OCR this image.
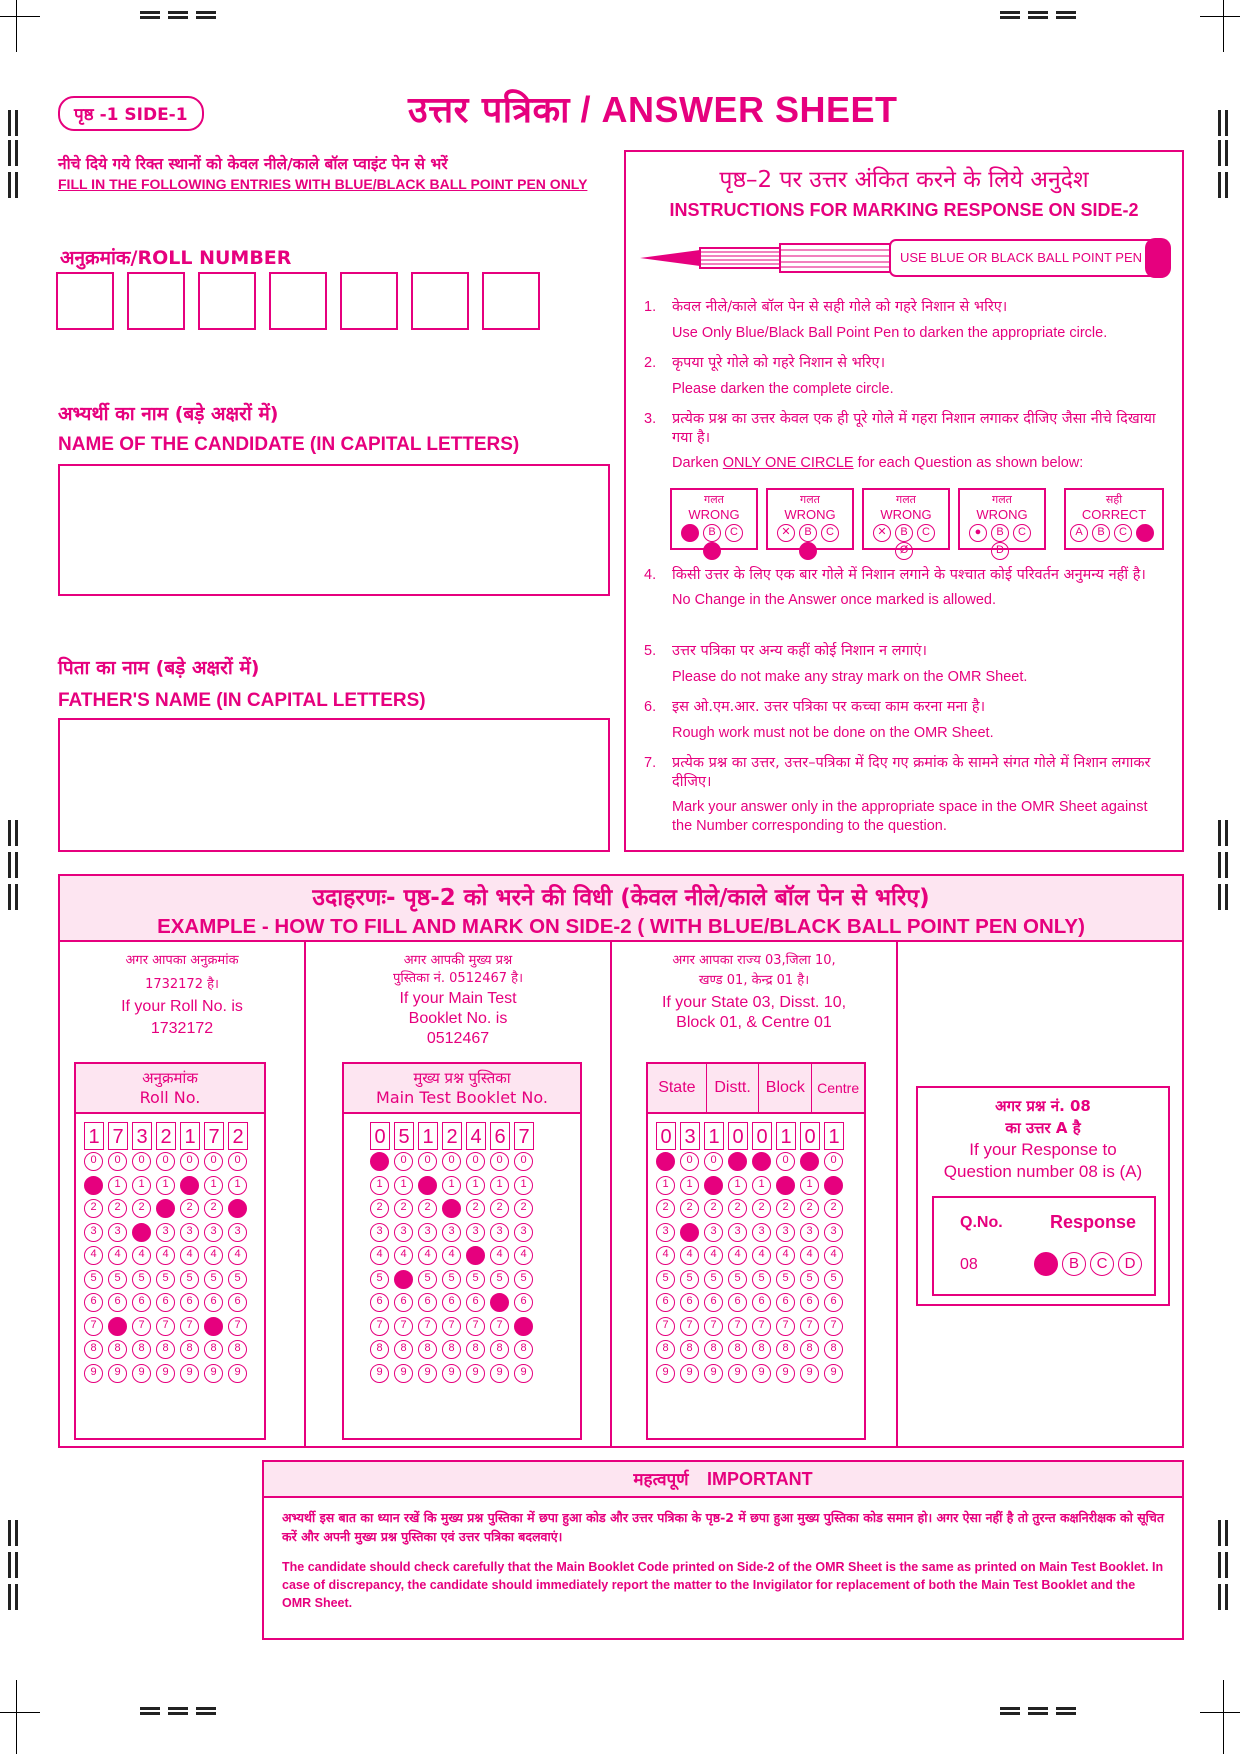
पृष्ठ -1 SIDE-1	उत्तर पत्रिका / ANSWER SHEET
नीचे दिये गये रिक्त स्थानों को केवल नीले/काले बॉल प्वाइंट पेन से भरें
FILL IN THE FOLLOWING ENTRIES WITH BLUE/BLACK BALL POINT PEN ONLY
अनुक्रमांक/ROLL NUMBER
अभ्यर्थी का नाम (बड़े अक्षरों में)
NAME OF THE CANDIDATE (IN CAPITAL LETTERS)
पिता का नाम (बड़े अक्षरों में)
FATHER'S NAME (IN CAPITAL LETTERS)
पृष्ठ–2 पर उत्तर अंकित करने के लिये अनुदेश
INSTRUCTIONS FOR MARKING RESPONSE ON SIDE-2
USE BLUE OR BLACK BALL POINT PEN
1. केवल नीले/काले बॉल पेन से सही गोले को गहरे निशान से भरिए।
Use Only Blue/Black Ball Point Pen to darken the appropriate circle.
2. कृपया पूरे गोले को गहरे निशान से भरिए।
Please darken the complete circle.
3. प्रत्येक प्रश्न का उत्तर केवल एक ही पूरे गोले में गहरा निशान लगाकर दीजिए जैसा नीचे दिखाया गया है।
Darken ONLY ONE CIRCLE for each Question as shown below:
गलत
WRONG
B C
गलत
WRONG
✕ B C
गलत
WRONG
✕ B CØ
गलत
WRONG
● B CD
सही
CORRECT
A B C
4. किसी उत्तर के लिए एक बार गोले में निशान लगाने के पश्चात कोई परिवर्तन अनुमन्य नहीं है।
No Change in the Answer once marked is allowed.
5. उत्तर पत्रिका पर अन्य कहीं कोई निशान न लगाएं।
Please do not make any stray mark on the OMR Sheet.
6. इस ओ.एम.आर. उत्तर पत्रिका पर कच्चा काम करना मना है।
Rough work must not be done on the OMR Sheet.
7. प्रत्येक प्रश्न का उत्तर, उत्तर–पत्रिका में दिए गए क्रमांक के सामने संगत गोले में निशान लगाकर दीजिए।
Mark your answer only in the appropriate space in the OMR Sheet against the Number corresponding to the question.
उदाहरणः- पृष्ठ-2 को भरने की विधी (केवल नीले/काले बॉल पेन से भरिए)
EXAMPLE - HOW TO FILL AND MARK ON SIDE-2 ( WITH BLUE/BLACK BALL POINT PEN ONLY)
अगर आपका अनुक्रमांक
1732172 है।
If your Roll No. is
1732172
अनुक्रमांक
Roll No.
1 7 3 2 1 7 2
0 0 0 0 0 0 0
1 1 1 1 1 1 1
2 2 2 2 2 2 2
3 3 3 3 3 3 3
4 4 4 4 4 4 4
5 5 5 5 5 5 5
6 6 6 6 6 6 6
7 7 7 7 7 7 7
8 8 8 8 8 8 8
9 9 9 9 9 9 9
अगर आपकी मुख्य प्रश्न
पुस्तिका नं. 0512467 है।
If your Main Test
Booklet No. is
0512467
मुख्य प्रश्न पुस्तिका
Main Test Booklet No.
0 5 1 2 4 6 7
0 0 0 0 0 0 0
1 1 1 1 1 1 1
2 2 2 2 2 2 2
3 3 3 3 3 3 3
4 4 4 4 4 4 4
5 5 5 5 5 5 5
6 6 6 6 6 6 6
7 7 7 7 7 7 7
8 8 8 8 8 8 8
9 9 9 9 9 9 9
अगर आपका राज्य 03,जिला 10,
खण्ड 01, केन्द्र 01 है।
If your State 03, Disst. 10,
Block 01, & Centre 01
State	Distt. Block Centre
0 3 1 0 0 1 0 1
0 0 0 0 0 0 0 0
1 1 1 1 1 1 1 1
2 2 2 2 2 2 2 2
3 3 3 3 3 3 3 3
4 4 4 4 4 4 4 4
5 5 5 5 5 5 5 5
6 6 6 6 6 6 6 6
7 7 7 7 7 7 7 7
8 8 8 8 8 8 8 8
9 9 9 9 9 9 9 9
अगर प्रश्न नं. 08
का उत्तर A है
If your Response to
Question number 08 is (A)
Q.No.	Response
08	A B C D
महत्वपूर्ण IMPORTANT
अभ्यर्थी इस बात का ध्यान रखें कि मुख्य प्रश्न पुस्तिका में छपा हुआ कोड और उत्तर पत्रिका के पृष्ठ-2 में छपा हुआ मुख्य पुस्तिका कोड समान हो। अगर ऐसा नहीं है तो तुरन्त कक्षनिरीक्षक को सूचित करें और अपनी मुख्य प्रश्न पुस्तिका एवं उत्तर पत्रिका बदलवाएं।
The candidate should check carefully that the Main Booklet Code printed on Side-2 of the OMR Sheet is the same as printed on Main Test Booklet. In case of discrepancy, the candidate should immediately report the matter to the Invigilator for replacement of both the Main Test Booklet and the OMR Sheet.
